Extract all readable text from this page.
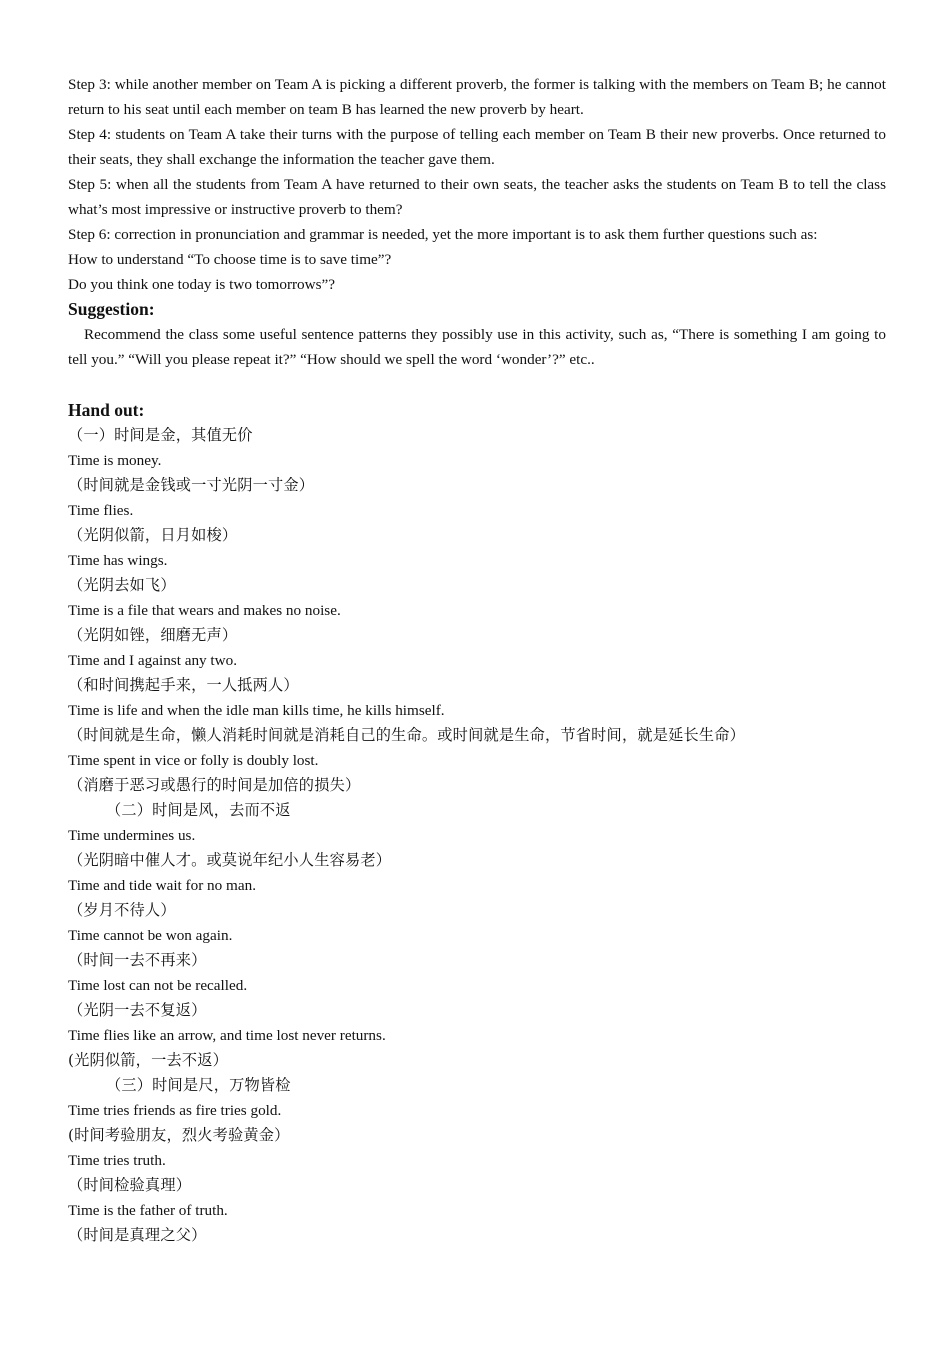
Step 3: while another member on Team A is picking a different proverb, the former is talking with the members on Team B; he cannot return to his seat until each member on team B has learned the new proverb by heart.

Step 4: students on Team A take their turns with the purpose of telling each member on Team B their new proverbs. Once returned to their seats, they shall exchange the information the teacher gave them.

Step 5: when all the students from Team A have returned to their own seats, the teacher asks the students on Team B to tell the class what’s most impressive or instructive proverb to them?

Step 6: correction in pronunciation and grammar is needed, yet the more important is to ask them further questions such as:

How to understand “To choose time is to save time”?

Do you think one today is two tomorrows”?

Suggestion:

Recommend the class some useful sentence patterns they possibly use in this activity, such as, “There is something I am going to tell you.” “Will you please repeat it?” “How should we spell the word ‘wonder’?” etc..

Hand out:

（一）时间是金，其值无价

Time is money.

（时间就是金钱或一寸光阴一寸金）

Time flies.

（光阴似箭，日月如梭）

Time has wings.

（光阴去如飞）

Time is a file that wears and makes no noise.

（光阴如锉，细磨无声）

Time and I against any two.

（和时间携起手来，一人抵两人）

Time is life and when the idle man kills time, he kills himself.

（时间就是生命，懒人消耗时间就是消耗自己的生命。或时间就是生命，节省时间，就是延长生命）

Time spent in vice or folly is doubly lost.

（消磨于恶习或愚行的时间是加倍的损失）

（二）时间是风，去而不返

Time undermines us.

（光阴暗中催人才。或莫说年纪小人生容易老）

Time and tide wait for no man.

（岁月不待人）

Time cannot be won again.

（时间一去不再来）

Time lost can not be recalled.

（光阴一去不复返）

Time flies like an arrow, and time lost never returns.

(光阴似箭，一去不返）

（三）时间是尺，万物皆检

Time tries friends as fire tries gold.

(时间考验朋友，烈火考验黄金）

Time tries truth.

（时间检验真理）

Time is the father of truth.

（时间是真理之父）
